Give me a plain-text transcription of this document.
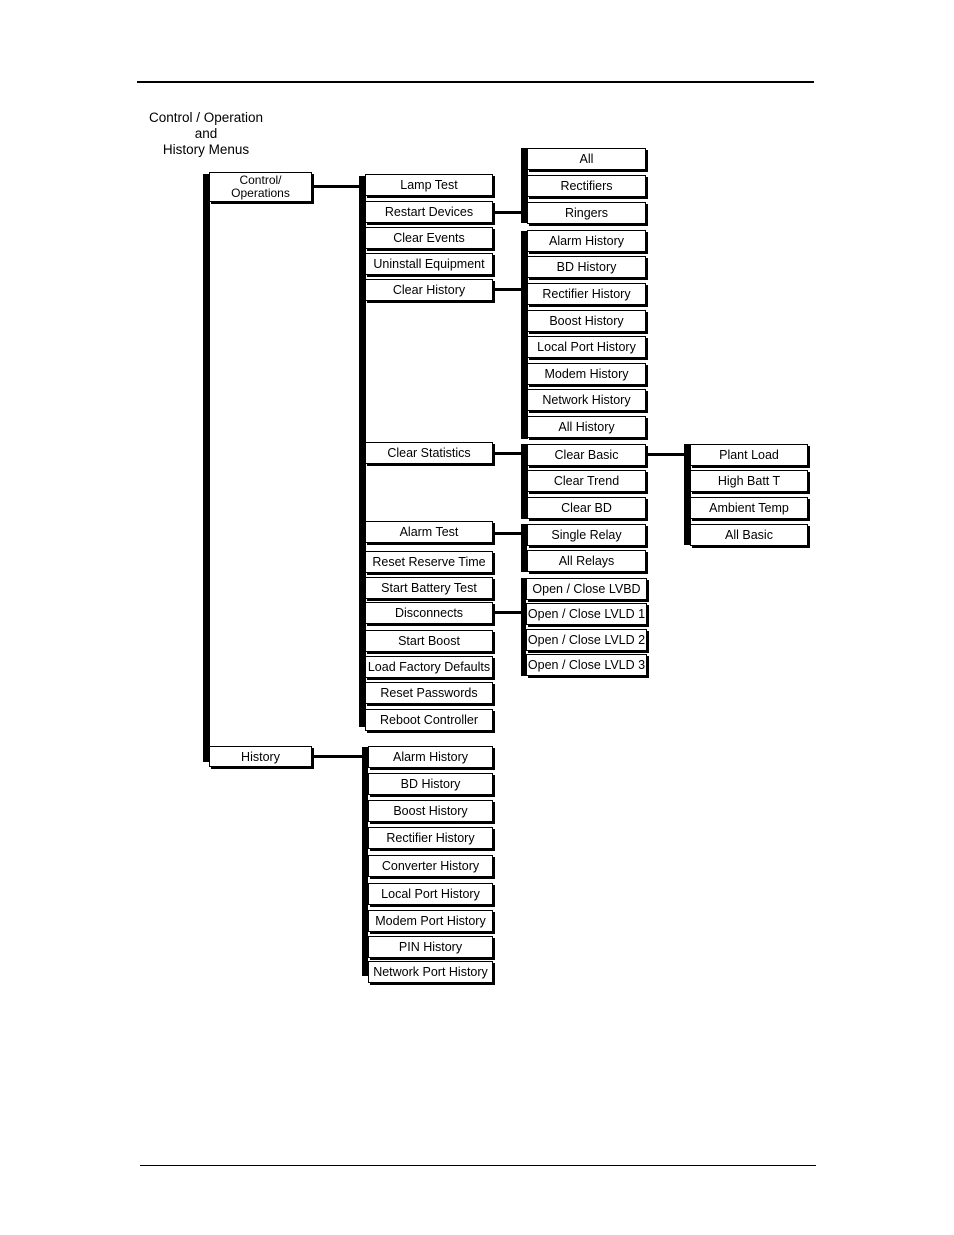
Control / Operation
and
History Menus
Control/
Operations
History
Lamp Test
Restart Devices
Clear Events
Uninstall Equipment
Clear History
Clear Statistics
Alarm Test
Reset Reserve Time
Start Battery Test
Disconnects
Start Boost
Load Factory Defaults
Reset Passwords
Reboot Controller
All
Rectifiers
Ringers
Alarm History
BD History
Rectifier History
Boost History
Local Port History
Modem History
Network History
All History
Clear Basic
Clear Trend
Clear BD
Plant Load
High Batt T
Ambient Temp
All Basic
Single Relay
All Relays
Open / Close LVBD
Open / Close LVLD 1
Open / Close LVLD 2
Open / Close LVLD 3
Alarm History
BD History
Boost History
Rectifier History
Converter History
Local Port History
Modem Port History
PIN History
Network Port History
